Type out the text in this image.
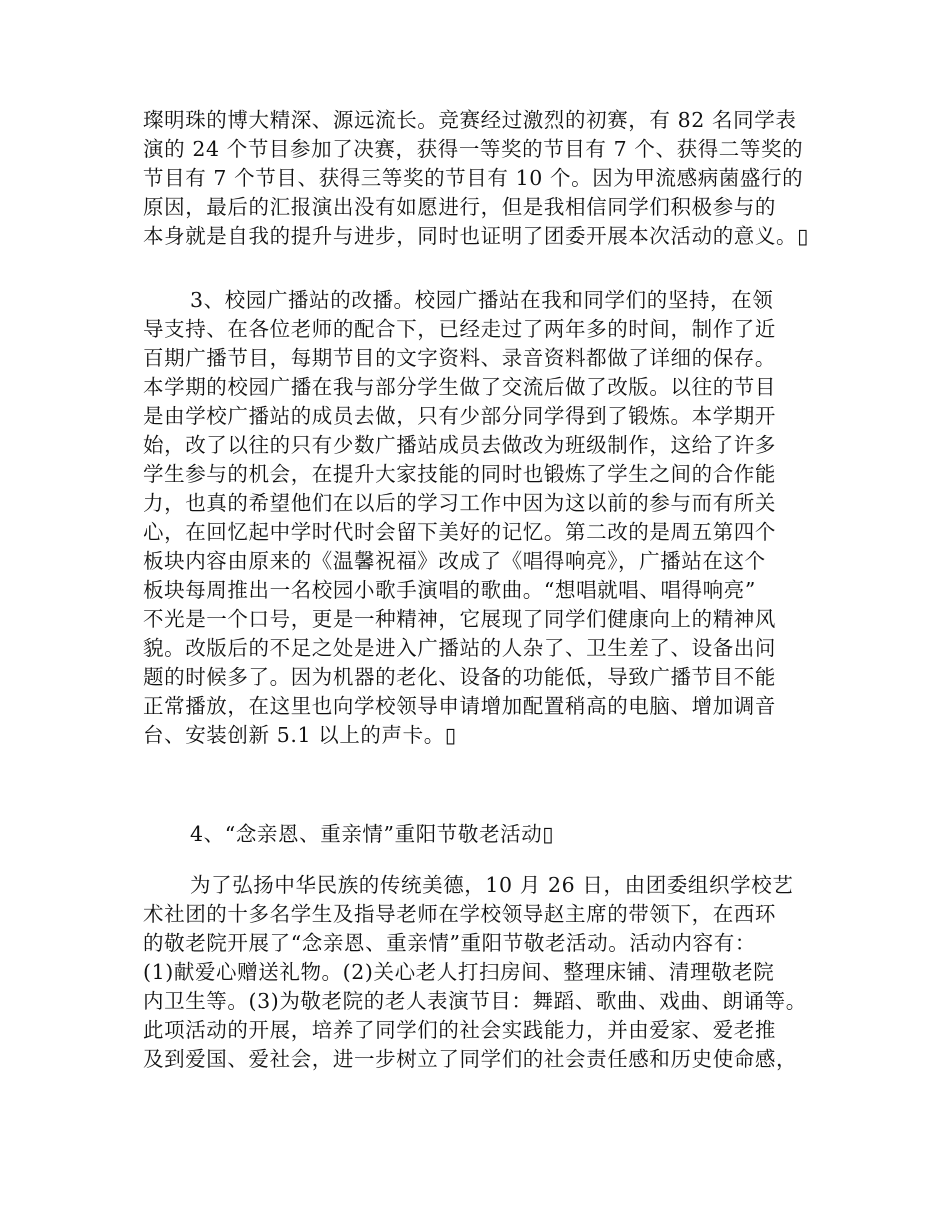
璨明珠的博大精深、源远流长。竞赛经过激烈的初赛，有 82 名同学表
演的 24 个节目参加了决赛，获得一等奖的节目有 7 个、获得二等奖的
节目有 7 个节目、获得三等奖的节目有 10 个。因为甲流感病菌盛行的
原因，最后的汇报演出没有如愿进行，但是我相信同学们积极参与的
本身就是自我的提升与进步，同时也证明了团委开展本次活动的意义。▯
3、校园广播站的改播。校园广播站在我和同学们的坚持，在领
导支持、在各位老师的配合下，已经走过了两年多的时间，制作了近
百期广播节目，每期节目的文字资料、录音资料都做了详细的保存。
本学期的校园广播在我与部分学生做了交流后做了改版。以往的节目
是由学校广播站的成员去做，只有少部分同学得到了锻炼。本学期开
始，改了以往的只有少数广播站成员去做改为班级制作，这给了许多
学生参与的机会，在提升大家技能的同时也锻炼了学生之间的合作能
力，也真的希望他们在以后的学习工作中因为这以前的参与而有所关
心，在回忆起中学时代时会留下美好的记忆。第二改的是周五第四个
板块内容由原来的《温馨祝福》改成了《唱得响亮》，广播站在这个
板块每周推出一名校园小歌手演唱的歌曲。“想唱就唱、唱得响亮”
不光是一个口号，更是一种精神，它展现了同学们健康向上的精神风
貌。改版后的不足之处是进入广播站的人杂了、卫生差了、设备出问
题的时候多了。因为机器的老化、设备的功能低，导致广播节目不能
正常播放，在这里也向学校领导申请增加配置稍高的电脑、增加调音
台、安装创新 5.1 以上的声卡。▯
4、“念亲恩、重亲情”重阳节敬老活动▯
为了弘扬中华民族的传统美德，10 月 26 日，由团委组织学校艺
术社团的十多名学生及指导老师在学校领导赵主席的带领下，在西环
的敬老院开展了“念亲恩、重亲情”重阳节敬老活动。活动内容有：
(1)献爱心赠送礼物。(2)关心老人打扫房间、整理床铺、清理敬老院
内卫生等。(3)为敬老院的老人表演节目：舞蹈、歌曲、戏曲、朗诵等。
此项活动的开展，培养了同学们的社会实践能力，并由爱家、爱老推
及到爱国、爱社会，进一步树立了同学们的社会责任感和历史使命感，
